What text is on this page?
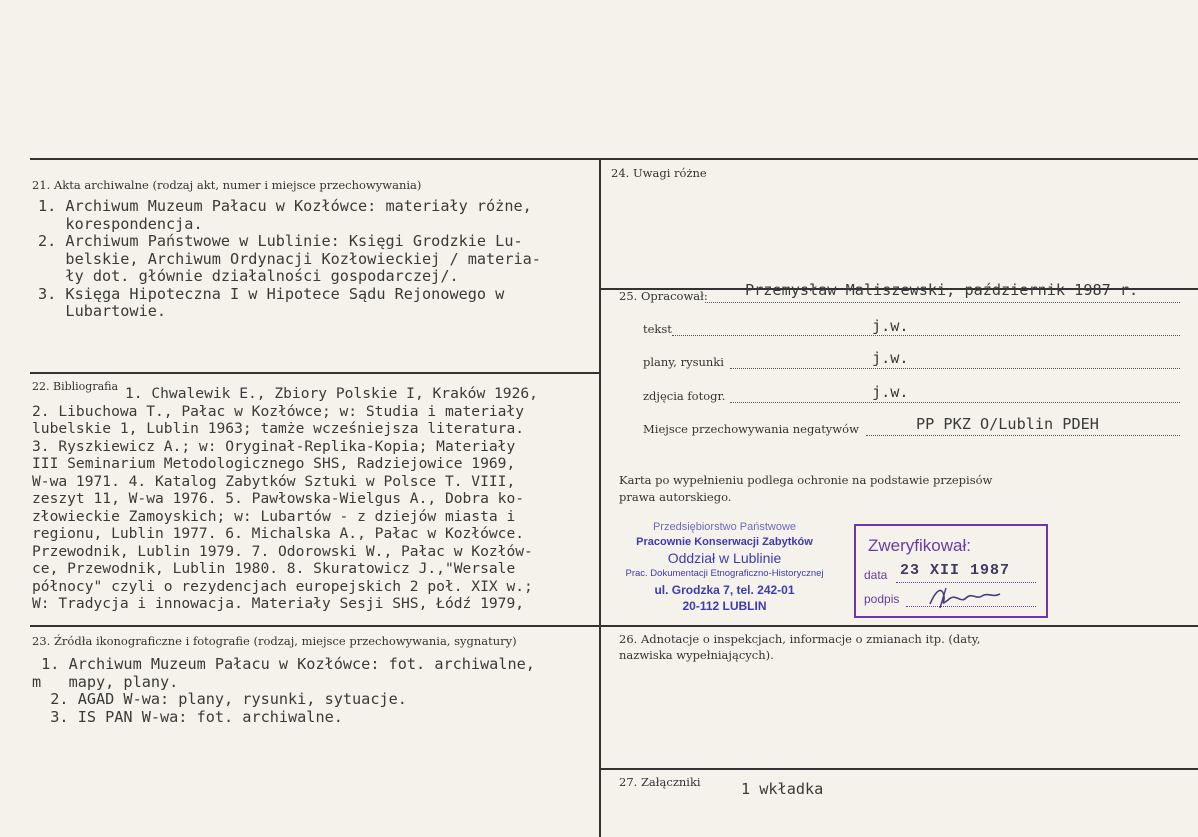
21. Akta archiwalne (rodzaj akt, numer i miejsce przechowywania)
1. Archiwum Muzeum Pałacu w Kozłówce: materiały różne,
korespondencja.
2. Archiwum Państwowe w Lublinie: Księgi Grodzkie Lu-
belskie, Archiwum Ordynacji Kozłowieckiej / materia-
ły dot. głównie działalności gospodarczej/.
3. Księga Hipoteczna I w Hipotece Sądu Rejonowego w
Lubartowie.
22. Bibliografia 1. Chwalewik E., Zbiory Polskie I, Kraków 1926,
2. Libuchowa T., Pałac w Kozłówce; w: Studia i materiały
lubelskie 1, Lublin 1963; tamże wcześniejsza literatura.
3. Ryszkiewicz A.; w: Oryginał-Replika-Kopia; Materiały
III Seminarium Metodologicznego SHS, Radziejowice 1969,
W-wa 1971. 4. Katalog Zabytków Sztuki w Polsce T. VIII,
zeszyt 11, W-wa 1976. 5. Pawłowska-Wielgus A., Dobra ko-
złowieckie Zamoyskich; w: Lubartów - z dziejów miasta i
regionu, Lublin 1977. 6. Michalska A., Pałac w Kozłówce.
Przewodnik, Lublin 1979. 7. Odorowski W., Pałac w Kozłów-
ce, Przewodnik, Lublin 1980. 8. Skuratowicz J.,"Wersale
północy" czyli o rezydencjach europejskich 2 poł. XIX w.;
W: Tradycja i innowacja. Materiały Sesji SHS, Łódź 1979,
23. Źródła ikonograficzne i fotografie (rodzaj, miejsce przechowywania, sygnatury)
1. Archiwum Muzeum Pałacu w Kozłówce: fot. archiwalne,
m   mapy, plany.
2. AGAD W-wa: plany, rysunki, sytuacje.
3. IS PAN W-wa: fot. archiwalne.
24. Uwagi różne
25. Opracował: Przemysław Maliszewski, październik 1987 r.
tekst	j.w.
plany, rysunki	j.w.
zdjęcia fotogr.	j.w.
Miejsce przechowywania negatywów	PP PKZ O/Lublin PDEH
Karta po wypełnieniu podlega ochronie na podstawie przepisów
prawa autorskiego.
Przedsiębiorstwo Państwowe
Pracownie Konserwacji Zabytków
Oddział w Lublinie
Prac. Dokumentacji Etnograficzno-Historycznej
ul. Grodzka 7, tel. 242-01
20-112 LUBLIN
Zweryfikował:
data 23 XII 1987
podpis
26. Adnotacje o inspekcjach, informacje o zmianach itp. (daty,
nazwiska wypełniających).
27. Załączniki	1 wkładka
